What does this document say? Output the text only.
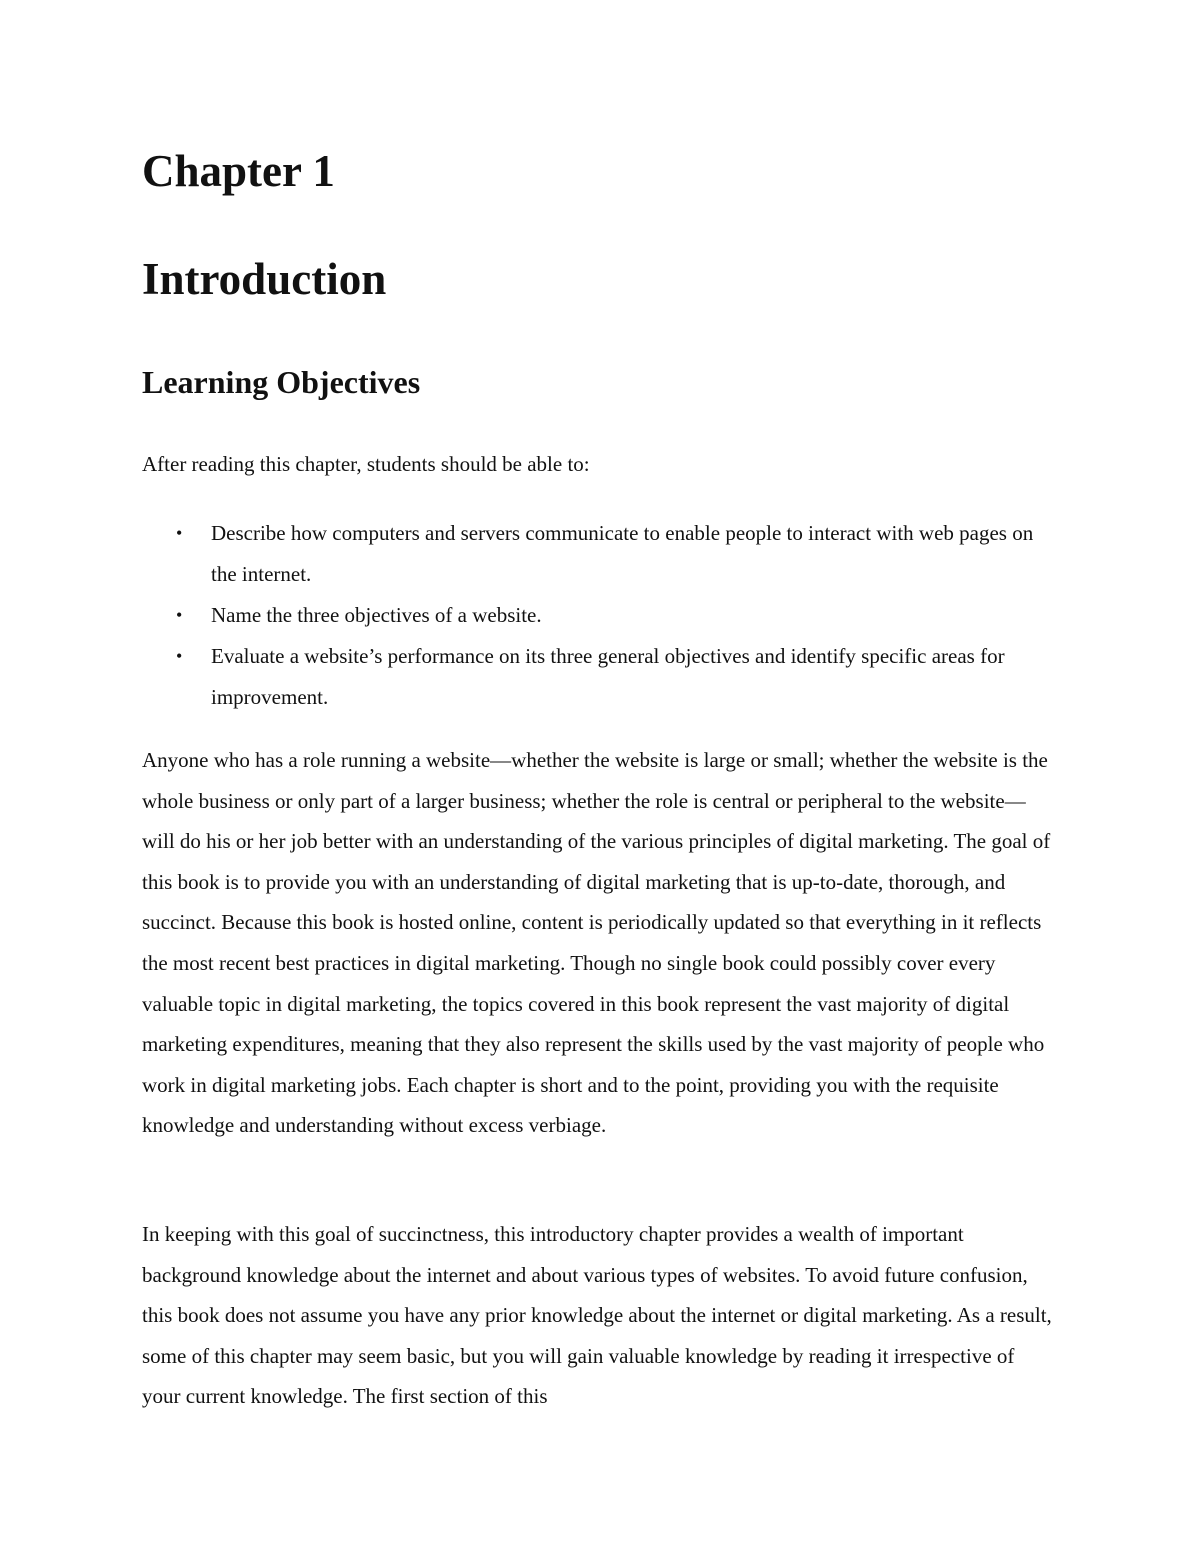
Chapter 1
Introduction
Learning Objectives

After reading this chapter, students should be able to:

• Describe how computers and servers communicate to enable people to interact with web pages on the internet.
• Name the three objectives of a website.
• Evaluate a website’s performance on its three general objectives and identify specific areas for improvement.

Anyone who has a role running a website—whether the website is large or small; whether the website is the whole business or only part of a larger business; whether the role is central or peripheral to the website—will do his or her job better with an understanding of the various principles of digital marketing. The goal of this book is to provide you with an understanding of digital marketing that is up-to-date, thorough, and succinct. Because this book is hosted online, content is periodically updated so that everything in it reflects the most recent best practices in digital marketing. Though no single book could possibly cover every valuable topic in digital marketing, the topics covered in this book represent the vast majority of digital marketing expenditures, meaning that they also represent the skills used by the vast majority of people who work in digital marketing jobs. Each chapter is short and to the point, providing you with the requisite knowledge and understanding without excess verbiage.

In keeping with this goal of succinctness, this introductory chapter provides a wealth of important background knowledge about the internet and about various types of websites. To avoid future confusion, this book does not assume you have any prior knowledge about the internet or digital marketing. As a result, some of this chapter may seem basic, but you will gain valuable knowledge by reading it irrespective of your current knowledge. The first section of this
